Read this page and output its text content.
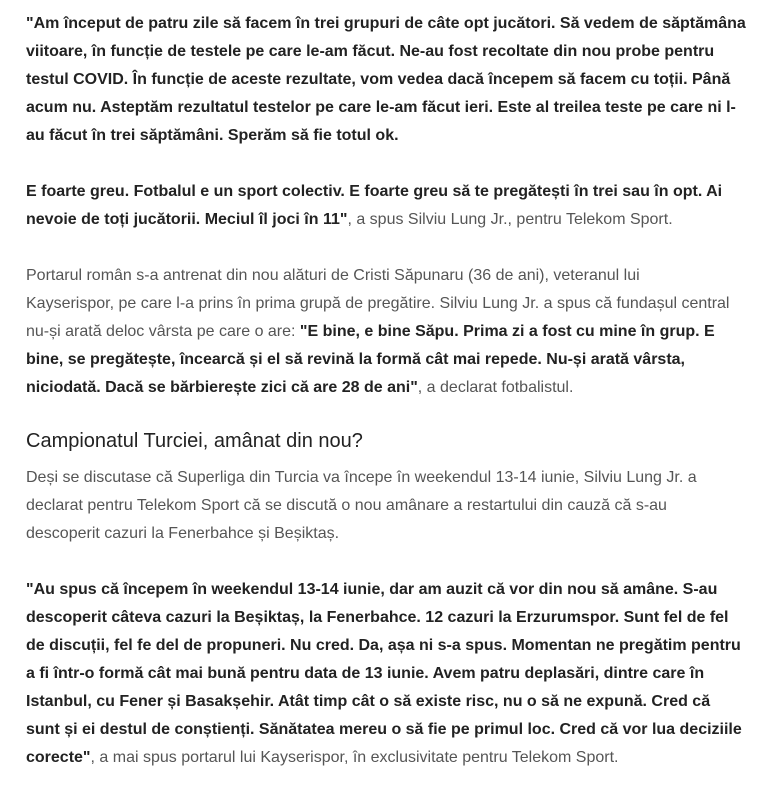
"Am început de patru zile să facem în trei grupuri de câte opt jucători. Să vedem de săptămâna
viitoare, în funcție de testele pe care le-am făcut. Ne-au fost recoltate din nou probe pentru
testul COVID. În funcție de aceste rezultate, vom vedea dacă începem să facem cu toții. Până
acum nu. Asteptăm rezultatul testelor pe care le-am făcut ieri. Este al treilea teste pe care ni l-
au făcut în trei săptămâni. Sperăm să fie totul ok.

E foarte greu. Fotbalul e un sport colectiv. E foarte greu să te pregătești în trei sau în opt. Ai
nevoie de toți jucătorii. Meciul îl joci în 11", a spus Silviu Lung Jr., pentru Telekom Sport.

Portarul român s-a antrenat din nou alături de Cristi Săpunaru (36 de ani), veteranul lui
Kayserispor, pe care l-a prins în prima grupă de pregătire. Silviu Lung Jr. a spus că fundașul central
nu-și arată deloc vârsta pe care o are: "E bine, e bine Săpu. Prima zi a fost cu mine în grup. E
bine, se pregătește, încearcă și el să revină la formă cât mai repede. Nu-și arată vârsta,
niciodată. Dacă se bărbierește zici că are 28 de ani", a declarat fotbalistul.

Campionatul Turciei, amânat din nou?

Deși se discutase că Superliga din Turcia va începe în weekendul 13-14 iunie, Silviu Lung Jr. a
declarat pentru Telekom Sport că se discută o nou amânare a restartului din cauză că s-au
descoperit cazuri la Fenerbahce și Beșiktaș.

"Au spus că începem în weekendul 13-14 iunie, dar am auzit că vor din nou să amâne. S-au
descoperit câteva cazuri la Beșiktaș, la Fenerbahce. 12 cazuri la Erzurumspor. Sunt fel de fel
de discuții, fel fe del de propuneri. Nu cred. Da, așa ni s-a spus. Momentan ne pregătim pentru
a fi într-o formă cât mai bună pentru data de 13 iunie. Avem patru deplasări, dintre care în
Istanbul, cu Fener și Basakșehir. Atât timp cât o să existe risc, nu o să ne expună. Cred că
sunt și ei destul de conștienți. Sănătatea mereu o să fie pe primul loc. Cred că vor lua deciziile
corecte", a mai spus portarul lui Kayserispor, în exclusivitate pentru Telekom Sport.
